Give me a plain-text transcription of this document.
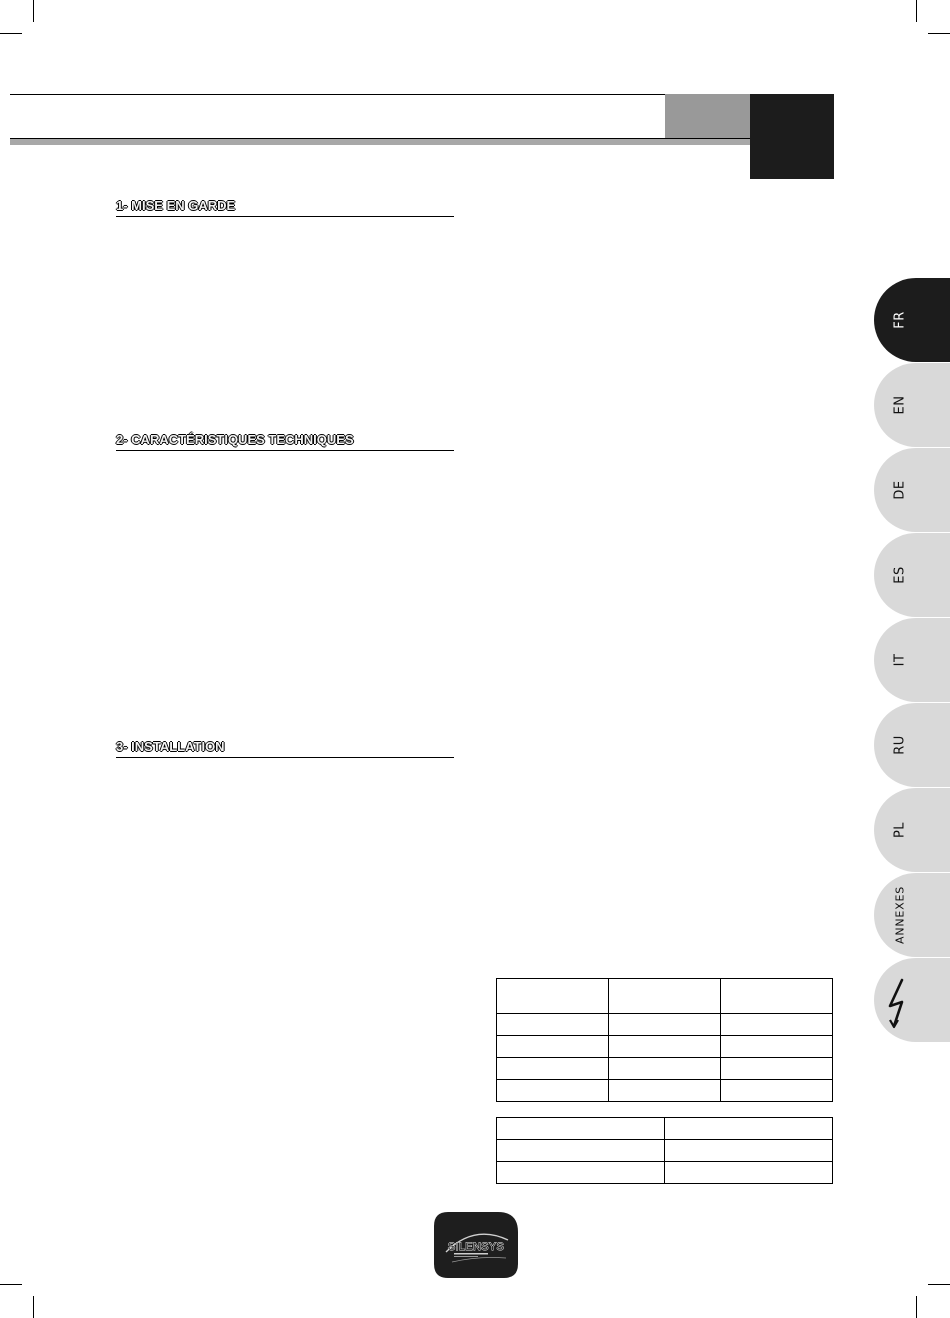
1- MISE EN GARDE
2- CARACTÉRISTIQUES TECHNIQUES
3- INSTALLATION
FR
EN
DE
ES
IT
RU
PL
ANNEXES

SILENSYS
